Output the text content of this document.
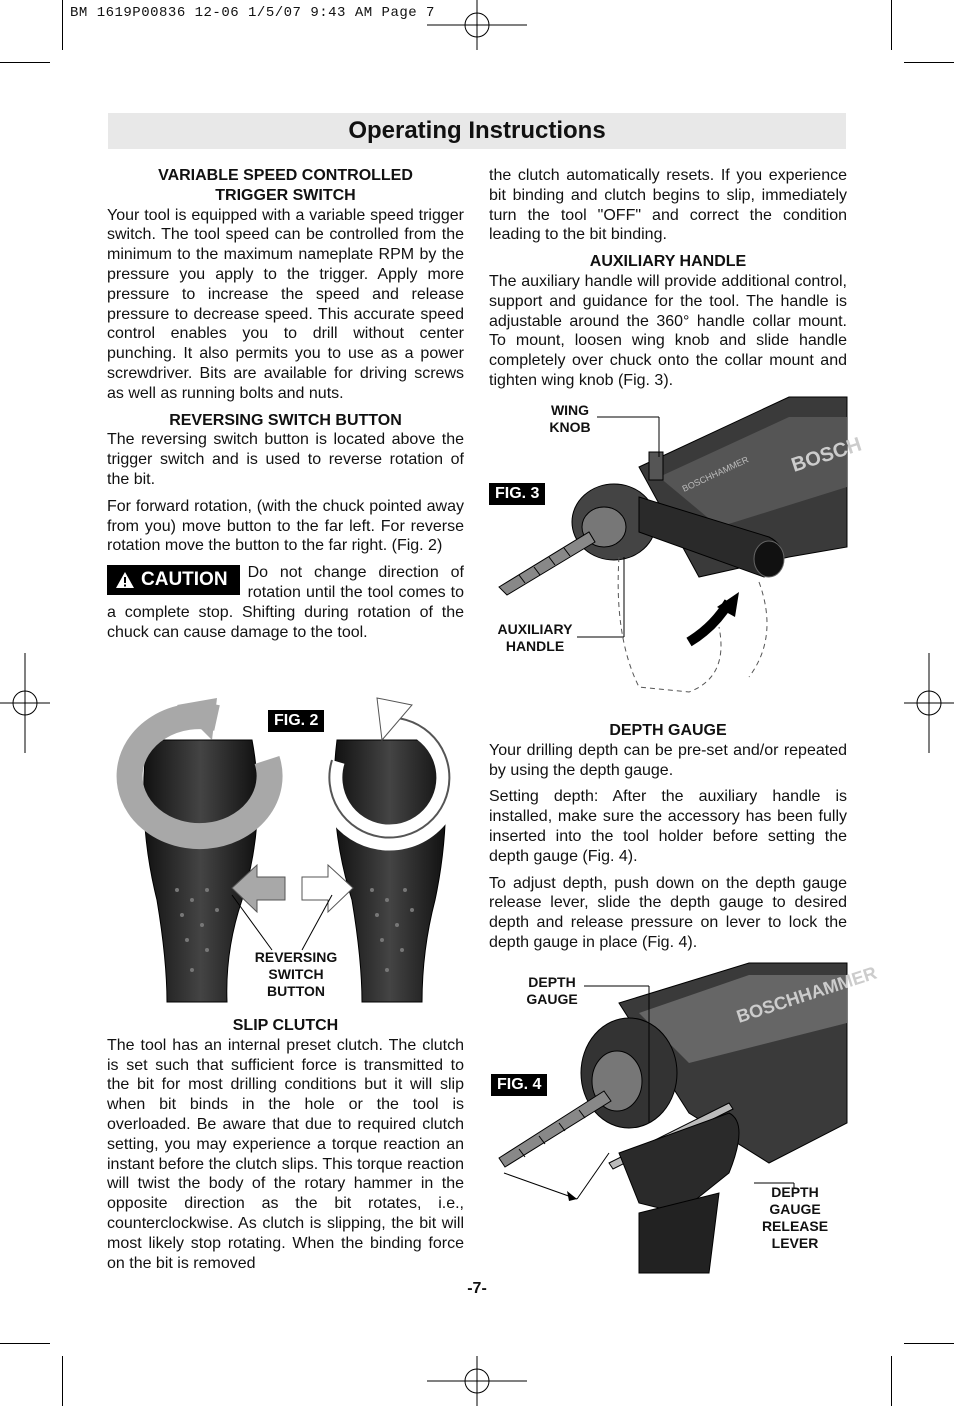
BM 1619P00836 12-06 1/5/07 9:43 AM Page 7
Operating Instructions
VARIABLE SPEED CONTROLLED
TRIGGER SWITCH

Your tool is equipped with a variable speed trigger switch. The tool speed can be controlled from the minimum to the maximum nameplate RPM by the pressure you apply to the trigger. Apply more pressure to increase the speed and release pressure to decrease speed. This accurate speed control enables you to drill without center punching. It also permits you to use as a power screwdriver. Bits are available for driving screws as well as running bolts and nuts.

REVERSING SWITCH BUTTON

The reversing switch button is located above the trigger switch and is used to reverse rotation of the bit.

For forward rotation, (with the chuck pointed away from you) move button to the far left. For reverse rotation move the button to the far right. (Fig. 2)

CAUTION Do not change direction of rotation until the tool comes to a complete stop. Shifting during rotation of the chuck can cause damage to the tool.

FIG. 2
REVERSING
SWITCH
BUTTON
SLIP CLUTCH

The tool has an internal preset clutch. The clutch is set such that sufficient force is transmitted to the bit for most drilling conditions but it will slip when bit binds in the hole or the tool is overloaded. Be aware that due to required clutch setting, you may experience a torque reaction an instant before the clutch slips. This torque reaction will twist the body of the rotary hammer in the opposite direction as the bit rotates, i.e., counterclockwise. As clutch is slipping, the bit will most likely stop rotating. When the binding force on the bit is removed

the clutch automatically resets. If you experience bit binding and clutch begins to slip, immediately turn the tool "OFF" and correct the condition leading to the bit binding.

AUXILIARY HANDLE

The auxiliary handle will provide additional control, support and guidance for the tool. The handle is adjustable around the 360° handle collar mount. To mount, loosen wing knob and slide handle completely over chuck onto the collar mount and tighten wing knob (Fig. 3).

BOSCH
BOSCHHAMMER
FIG. 3
WING
KNOB
AUXILIARY
HANDLE
DEPTH GAUGE

Your drilling depth can be pre-set and/or repeated by using the depth gauge.

Setting depth: After the auxiliary handle is installed, make sure the accessory has been fully inserted into the tool holder before setting the depth gauge (Fig. 4).

To adjust depth, push down on the depth gauge release lever, slide the depth gauge to desired depth and release pressure on lever to lock the depth gauge in place (Fig. 4).

BOSCHHAMMER
FIG. 4
DEPTH
GAUGE
DEPTH
GAUGE
RELEASE
LEVER
-7-
